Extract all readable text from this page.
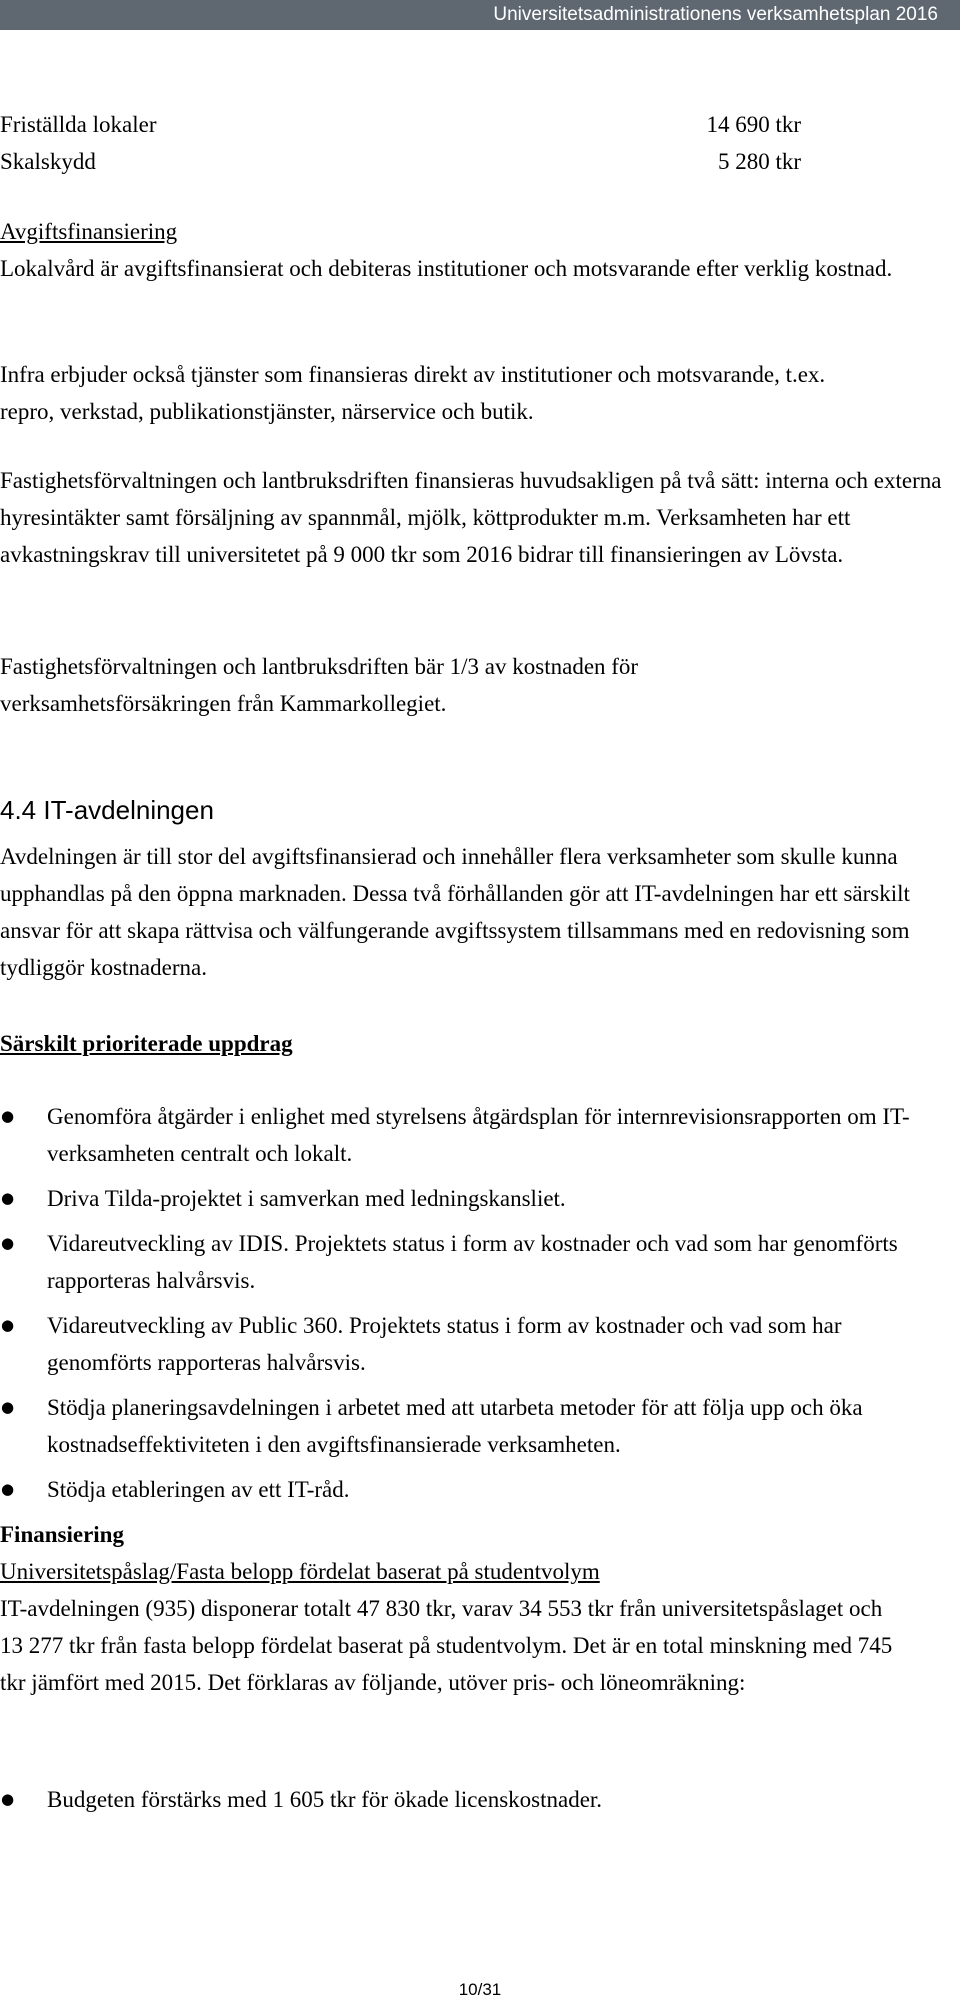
Universitetsadministrationens verksamhetsplan 2016
Friställda lokaler	14 690 tkr
Skalskydd	5 280 tkr
Avgiftsfinansiering

Lokalvård är avgiftsfinansierat och debiteras institutioner och motsvarande efter verklig kostnad.

Infra erbjuder också tjänster som finansieras direkt av institutioner och motsvarande, t.ex. repro, verkstad, publikationstjänster, närservice och butik.

Fastighetsförvaltningen och lantbruksdriften finansieras huvudsakligen på två sätt: interna och externa hyresintäkter samt försäljning av spannmål, mjölk, köttprodukter m.m. Verksamheten har ett avkastningskrav till universitetet på 9 000 tkr som 2016 bidrar till finansieringen av Lövsta.

Fastighetsförvaltningen och lantbruksdriften bär 1/3 av kostnaden för verksamhetsförsäkringen från Kammarkollegiet.

4.4 IT-avdelningen

Avdelningen är till stor del avgiftsfinansierad och innehåller flera verksamheter som skulle kunna upphandlas på den öppna marknaden. Dessa två förhållanden gör att IT-avdelningen har ett särskilt ansvar för att skapa rättvisa och välfungerande avgiftssystem tillsammans med en redovisning som tydliggör kostnaderna.

Särskilt prioriterade uppdrag
● Genomföra åtgärder i enlighet med styrelsens åtgärdsplan för internrevisionsrapporten om IT-verksamheten centralt och lokalt.
● Driva Tilda-projektet i samverkan med ledningskansliet.
● Vidareutveckling av IDIS. Projektets status i form av kostnader och vad som har genomförts rapporteras halvårsvis.
● Vidareutveckling av Public 360. Projektets status i form av kostnader och vad som har genomförts rapporteras halvårsvis.
● Stödja planeringsavdelningen i arbetet med att utarbeta metoder för att följa upp och öka kostnadseffektiviteten i den avgiftsfinansierade verksamheten.
● Stödja etableringen av ett IT-råd.
Finansiering
Universitetspåslag/Fasta belopp fördelat baserat på studentvolym

IT-avdelningen (935) disponerar totalt 47 830 tkr, varav 34 553 tkr från universitetspåslaget och 13 277 tkr från fasta belopp fördelat baserat på studentvolym. Det är en total minskning med 745 tkr jämfört med 2015. Det förklaras av följande, utöver pris- och löneomräkning:

● Budgeten förstärks med 1 605 tkr för ökade licenskostnader.
10/31
